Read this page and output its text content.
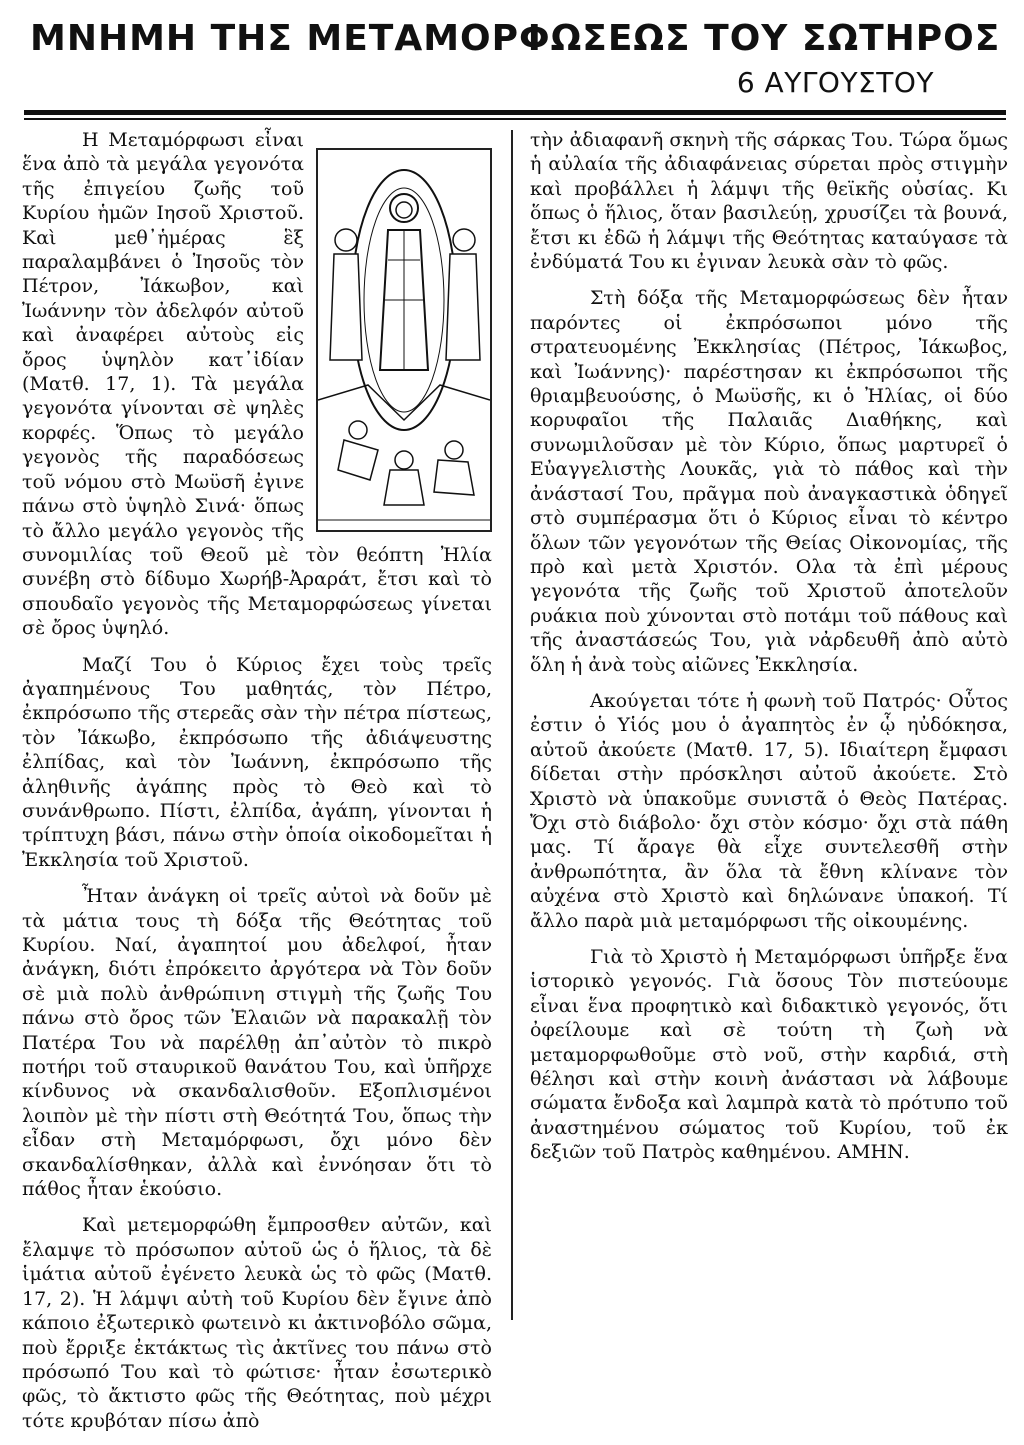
ΜΝΗΜΗ ΤΗΣ ΜΕΤΑΜΟΡΦΩΣΕΩΣ ΤΟΥ ΣΩΤΗΡΟΣ
6 ΑΥΓΟΥΣΤΟΥ

Η Μεταμόρφωσι εἶναι ἕνα ἀπὸ τὰ μεγάλα γεγονότα τῆς ἐπιγείου ζωῆς τοῦ Κυρίου ἡμῶν Ιησοῦ Χριστοῦ. Καὶ μεθ᾽ἡμέρας ἓξ παραλαμβάνει ὁ Ἰησοῦς τὸν Πέτρον, Ἰάκωβον, καὶ Ἰωάννην τὸν ἀδελφόν αὐτοῦ καὶ ἀναφέρει αὐτοὺς εἰς ὄρος ὑψηλὸν κατ᾽ἰδίαν (Ματθ. 17, 1). Τὰ μεγάλα γεγονότα γίνονται σὲ ψηλὲς κορφές. Ὅπως τὸ μεγάλο γεγονὸς τῆς παραδόσεως τοῦ νόμου στὸ Μωϋσῆ ἐγινε πάνω στὸ ὑψηλὸ Σινά· ὅπως τὸ ἄλλο μεγάλο γεγονὸς τῆς συνομιλίας τοῦ Θεοῦ μὲ τὸν θεόπτη Ἠλία συνέβη στὸ δίδυμο Χωρήβ-Ἀραράτ, ἔτσι καὶ τὸ σπουδαῖο γεγονὸς τῆς Μεταμορφώσεως γίνεται σὲ ὄρος ὑψηλό.

Μαζί Του ὁ Κύριος ἔχει τοὺς τρεῖς ἀγαπημένους Του μαθητάς, τὸν Πέτρο, ἐκπρόσωπο τῆς στερεᾶς σὰν τὴν πέτρα πίστεως, τὸν Ἰάκωβο, ἐκπρόσωπο τῆς ἀδιάψευστης ἐλπίδας, καὶ τὸν Ἰωάννη, ἐκπρόσωπο τῆς ἀληθινῆς ἀγάπης πρὸς τὸ Θεὸ καὶ τὸ συνάνθρωπο. Πίστι, ἐλπίδα, ἀγάπη, γίνονται ἡ τρίπτυχη βάσι, πάνω στὴν ὁποία οἰκοδομεῖται ἡ Ἐκκλησία τοῦ Χριστοῦ.

Ἦταν ἀνάγκη οἱ τρεῖς αὐτοὶ νὰ δοῦν μὲ τὰ μάτια τους τὴ δόξα τῆς Θεότητας τοῦ Κυρίου. Ναί, ἀγαπητοί μου ἀδελφοί, ἦταν ἀνάγκη, διότι ἐπρόκειτο ἀργότερα νὰ Τὸν δοῦν σὲ μιὰ πολὺ ἀνθρώπινη στιγμὴ τῆς ζωῆς Του πάνω στὸ ὄρος τῶν Ἐλαιῶν νὰ παρακαλῇ τὸν Πατέρα Του νὰ παρέλθῃ ἀπ᾽αὐτὸν τὸ πικρὸ ποτήρι τοῦ σταυρικοῦ θανάτου Του, καὶ ὑπῆρχε κίνδυνος νὰ σκανδαλισθοῦν. Εξοπλισμένοι λοιπὸν μὲ τὴν πίστι στὴ Θεότητά Του, ὅπως τὴν εἶδαν στὴ Μεταμόρφωσι, ὄχι μόνο δὲν σκανδαλίσθηκαν, ἀλλὰ καὶ ἐννόησαν ὅτι τὸ πάθος ἦταν ἑκούσιο.

Καὶ μετεμορφώθη ἔμπροσθεν αὐτῶν, καὶ ἔλαμψε τὸ πρόσωπον αὐτοῦ ὡς ὁ ἥλιος, τὰ δὲ ἱμάτια αὐτοῦ ἐγένετο λευκὰ ὡς τὸ φῶς (Ματθ. 17, 2). Ἡ λάμψι αὐτὴ τοῦ Κυρίου δὲν ἔγινε ἀπὸ κάποιο ἐξωτερικὸ φωτεινὸ κι ἀκτινοβόλο σῶμα, ποὺ ἔρριξε ἐκτάκτως τὶς ἀκτῖνες του πάνω στὸ πρόσωπό Του καὶ τὸ φώτισε· ἦταν ἐσωτερικὸ φῶς, τὸ ἄκτιστο φῶς τῆς Θεότητας, ποὺ μέχρι τότε κρυβόταν πίσω ἀπὸ

τὴν ἀδιαφανῆ σκηνὴ τῆς σάρκας Του. Τώρα ὅμως ἡ αὐλαία τῆς ἀδιαφάνειας σύρεται πρὸς στιγμὴν καὶ προβάλλει ἡ λάμψι τῆς θεϊκῆς οὐσίας. Κι ὅπως ὁ ἥλιος, ὅταν βασιλεύῃ, χρυσίζει τὰ βουνά, ἔτσι κι ἐδῶ ἡ λάμψι τῆς Θεότητας καταύγασε τὰ ἐνδύματά Του κι ἐγιναν λευκὰ σὰν τὸ φῶς.

Στὴ δόξα τῆς Μεταμορφώσεως δὲν ἦταν παρόντες οἱ ἐκπρόσωποι μόνο τῆς στρατευομένης Ἐκκλησίας (Πέτρος, Ἰάκωβος, καὶ Ἰωάννης)· παρέστησαν κι ἐκπρόσωποι τῆς θριαμβευούσης, ὁ Μωϋσῆς, κι ὁ Ἠλίας, οἱ δύο κορυφαῖοι τῆς Παλαιᾶς Διαθήκης, καὶ συνωμιλοῦσαν μὲ τὸν Κύριο, ὅπως μαρτυρεῖ ὁ Εὐαγγελιστὴς Λουκᾶς, γιὰ τὸ πάθος καὶ τὴν ἀνάστασί Του, πρᾶγμα ποὺ ἀναγκαστικὰ ὁδηγεῖ στὸ συμπέρασμα ὅτι ὁ Κύριος εἶναι τὸ κέντρο ὅλων τῶν γεγονότων τῆς Θείας Οἰκονομίας, τῆς πρὸ καὶ μετὰ Χριστόν. Ολα τὰ ἐπὶ μέρους γεγονότα τῆς ζωῆς τοῦ Χριστοῦ ἀποτελοῦν ρυάκια ποὺ χύνονται στὸ ποτάμι τοῦ πάθους καὶ τῆς ἀναστάσεώς Του, γιὰ νἀρδευθῆ ἀπὸ αὐτὸ ὅλη ἡ ἀνὰ τοὺς αἰῶνες Ἐκκλησία.

Ακούγεται τότε ἡ φωνὴ τοῦ Πατρός· Οὗτος ἐστιν ὁ Υἱός μου ὁ ἀγαπητὸς ἐν ᾧ ηὐδόκησα, αὐτοῦ ἀκούετε (Ματθ. 17, 5). Ιδιαίτερη ἔμφασι δίδεται στὴν πρόσκλησι αὐτοῦ ἀκούετε. Στὸ Χριστὸ νὰ ὑπακοῦμε συνιστᾶ ὁ Θεὸς Πατέρας. Ὄχι στὸ διάβολο· ὄχι στὸν κόσμο· ὄχι στὰ πάθη μας. Τί ἄραγε θὰ εἶχε συντελεσθῆ στὴν ἀνθρωπότητα, ἂν ὅλα τὰ ἔθνη κλίνανε τὸν αὐχένα στὸ Χριστὸ καὶ δηλώνανε ὑπακοή. Τί ἄλλο παρὰ μιὰ μεταμόρφωσι τῆς οἰκουμένης.

Γιὰ τὸ Χριστὸ ἡ Μεταμόρφωσι ὑπῆρξε ἕνα ἱστορικὸ γεγονός. Γιὰ ὅσους Τὸν πιστεύουμε εἶναι ἕνα προφητικὸ καὶ διδακτικὸ γεγονός, ὅτι ὀφείλουμε καὶ σὲ τούτη τὴ ζωὴ νὰ μεταμορφωθοῦμε στὸ νοῦ, στὴν καρδιά, στὴ θέλησι καὶ στὴν κοινὴ ἀνάστασι νὰ λάβουμε σώματα ἔνδοξα καὶ λαμπρὰ κατὰ τὸ πρότυπο τοῦ ἀναστημένου σώματος τοῦ Κυρίου, τοῦ ἐκ δεξιῶν τοῦ Πατρὸς καθημένου. ΑΜΗΝ.
